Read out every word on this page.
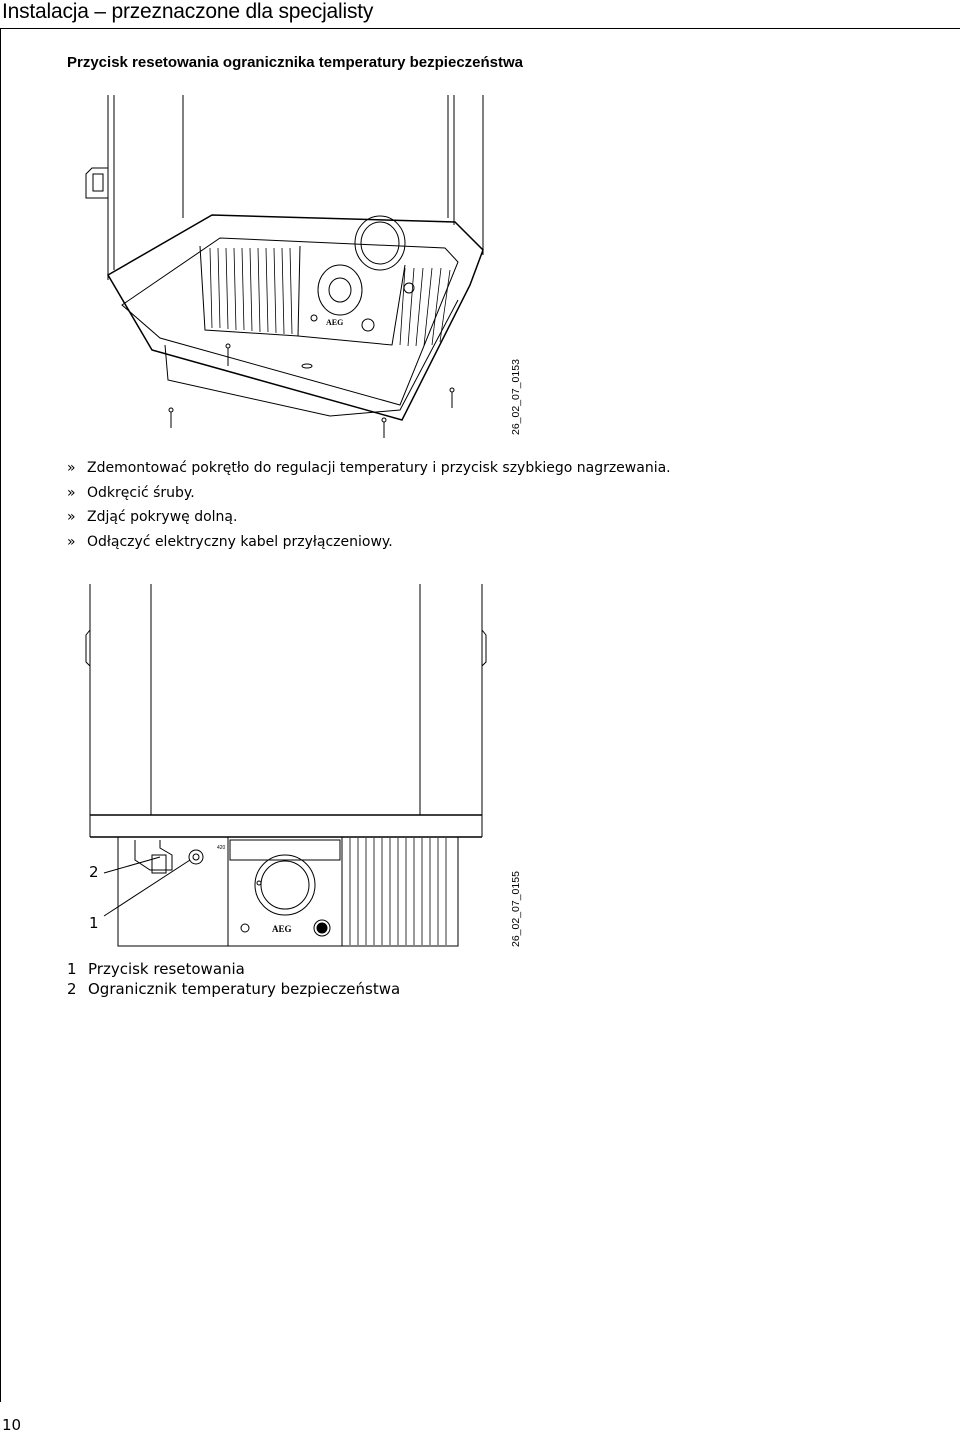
Instalacja – przeznaczone dla specjalisty
Przycisk resetowania ogranicznika temperatury bezpieczeństwa
26_02_07_0153
AEG
» Zdemontować pokrętło do regulacji temperatury i przycisk szybkiego nagrzewania.
» Odkręcić śruby.
» Zdjąć pokrywę dolną.
» Odłączyć elektryczny kabel przyłączeniowy.
2
1	AEG
420
26_02_07_0155
1 Przycisk resetowania
2 Ogranicznik temperatury bezpieczeństwa
10
